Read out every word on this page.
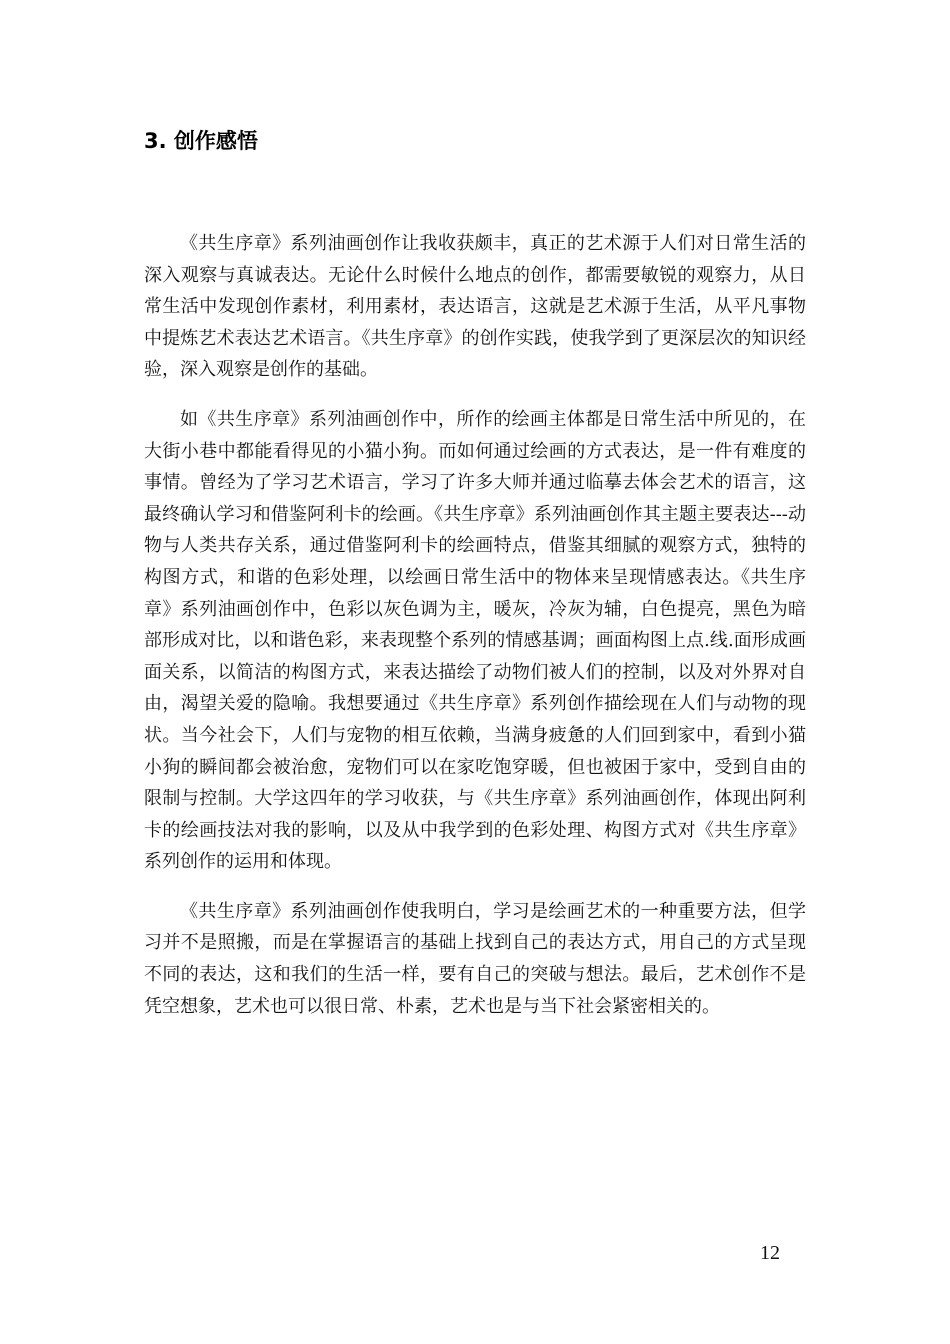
3. 创作感悟

《共生序章》系列油画创作让我收获颇丰，真正的艺术源于人们对日常生活的深入观察与真诚表达。无论什么时候什么地点的创作，都需要敏锐的观察力，从日常生活中发现创作素材，利用素材，表达语言，这就是艺术源于生活，从平凡事物中提炼艺术表达艺术语言。《共生序章》的创作实践，使我学到了更深层次的知识经验，深入观察是创作的基础。

如《共生序章》系列油画创作中，所作的绘画主体都是日常生活中所见的，在大街小巷中都能看得见的小猫小狗。而如何通过绘画的方式表达，是一件有难度的事情。曾经为了学习艺术语言，学习了许多大师并通过临摹去体会艺术的语言，这最终确认学习和借鉴阿利卡的绘画。《共生序章》系列油画创作其主题主要表达---动物与人类共存关系，通过借鉴阿利卡的绘画特点，借鉴其细腻的观察方式，独特的构图方式，和谐的色彩处理，以绘画日常生活中的物体来呈现情感表达。《共生序章》系列油画创作中，色彩以灰色调为主，暖灰，冷灰为辅，白色提亮，黑色为暗部形成对比，以和谐色彩，来表现整个系列的情感基调；画面构图上点.线.面形成画面关系，以简洁的构图方式，来表达描绘了动物们被人们的控制，以及对外界对自由，渴望关爱的隐喻。我想要通过《共生序章》系列创作描绘现在人们与动物的现状。当今社会下，人们与宠物的相互依赖，当满身疲惫的人们回到家中，看到小猫小狗的瞬间都会被治愈，宠物们可以在家吃饱穿暖，但也被困于家中，受到自由的限制与控制。大学这四年的学习收获，与《共生序章》系列油画创作，体现出阿利卡的绘画技法对我的影响，以及从中我学到的色彩处理、构图方式对《共生序章》系列创作的运用和体现。

《共生序章》系列油画创作使我明白，学习是绘画艺术的一种重要方法，但学习并不是照搬，而是在掌握语言的基础上找到自己的表达方式，用自己的方式呈现不同的表达，这和我们的生活一样，要有自己的突破与想法。最后，艺术创作不是凭空想象，艺术也可以很日常、朴素，艺术也是与当下社会紧密相关的。

12
